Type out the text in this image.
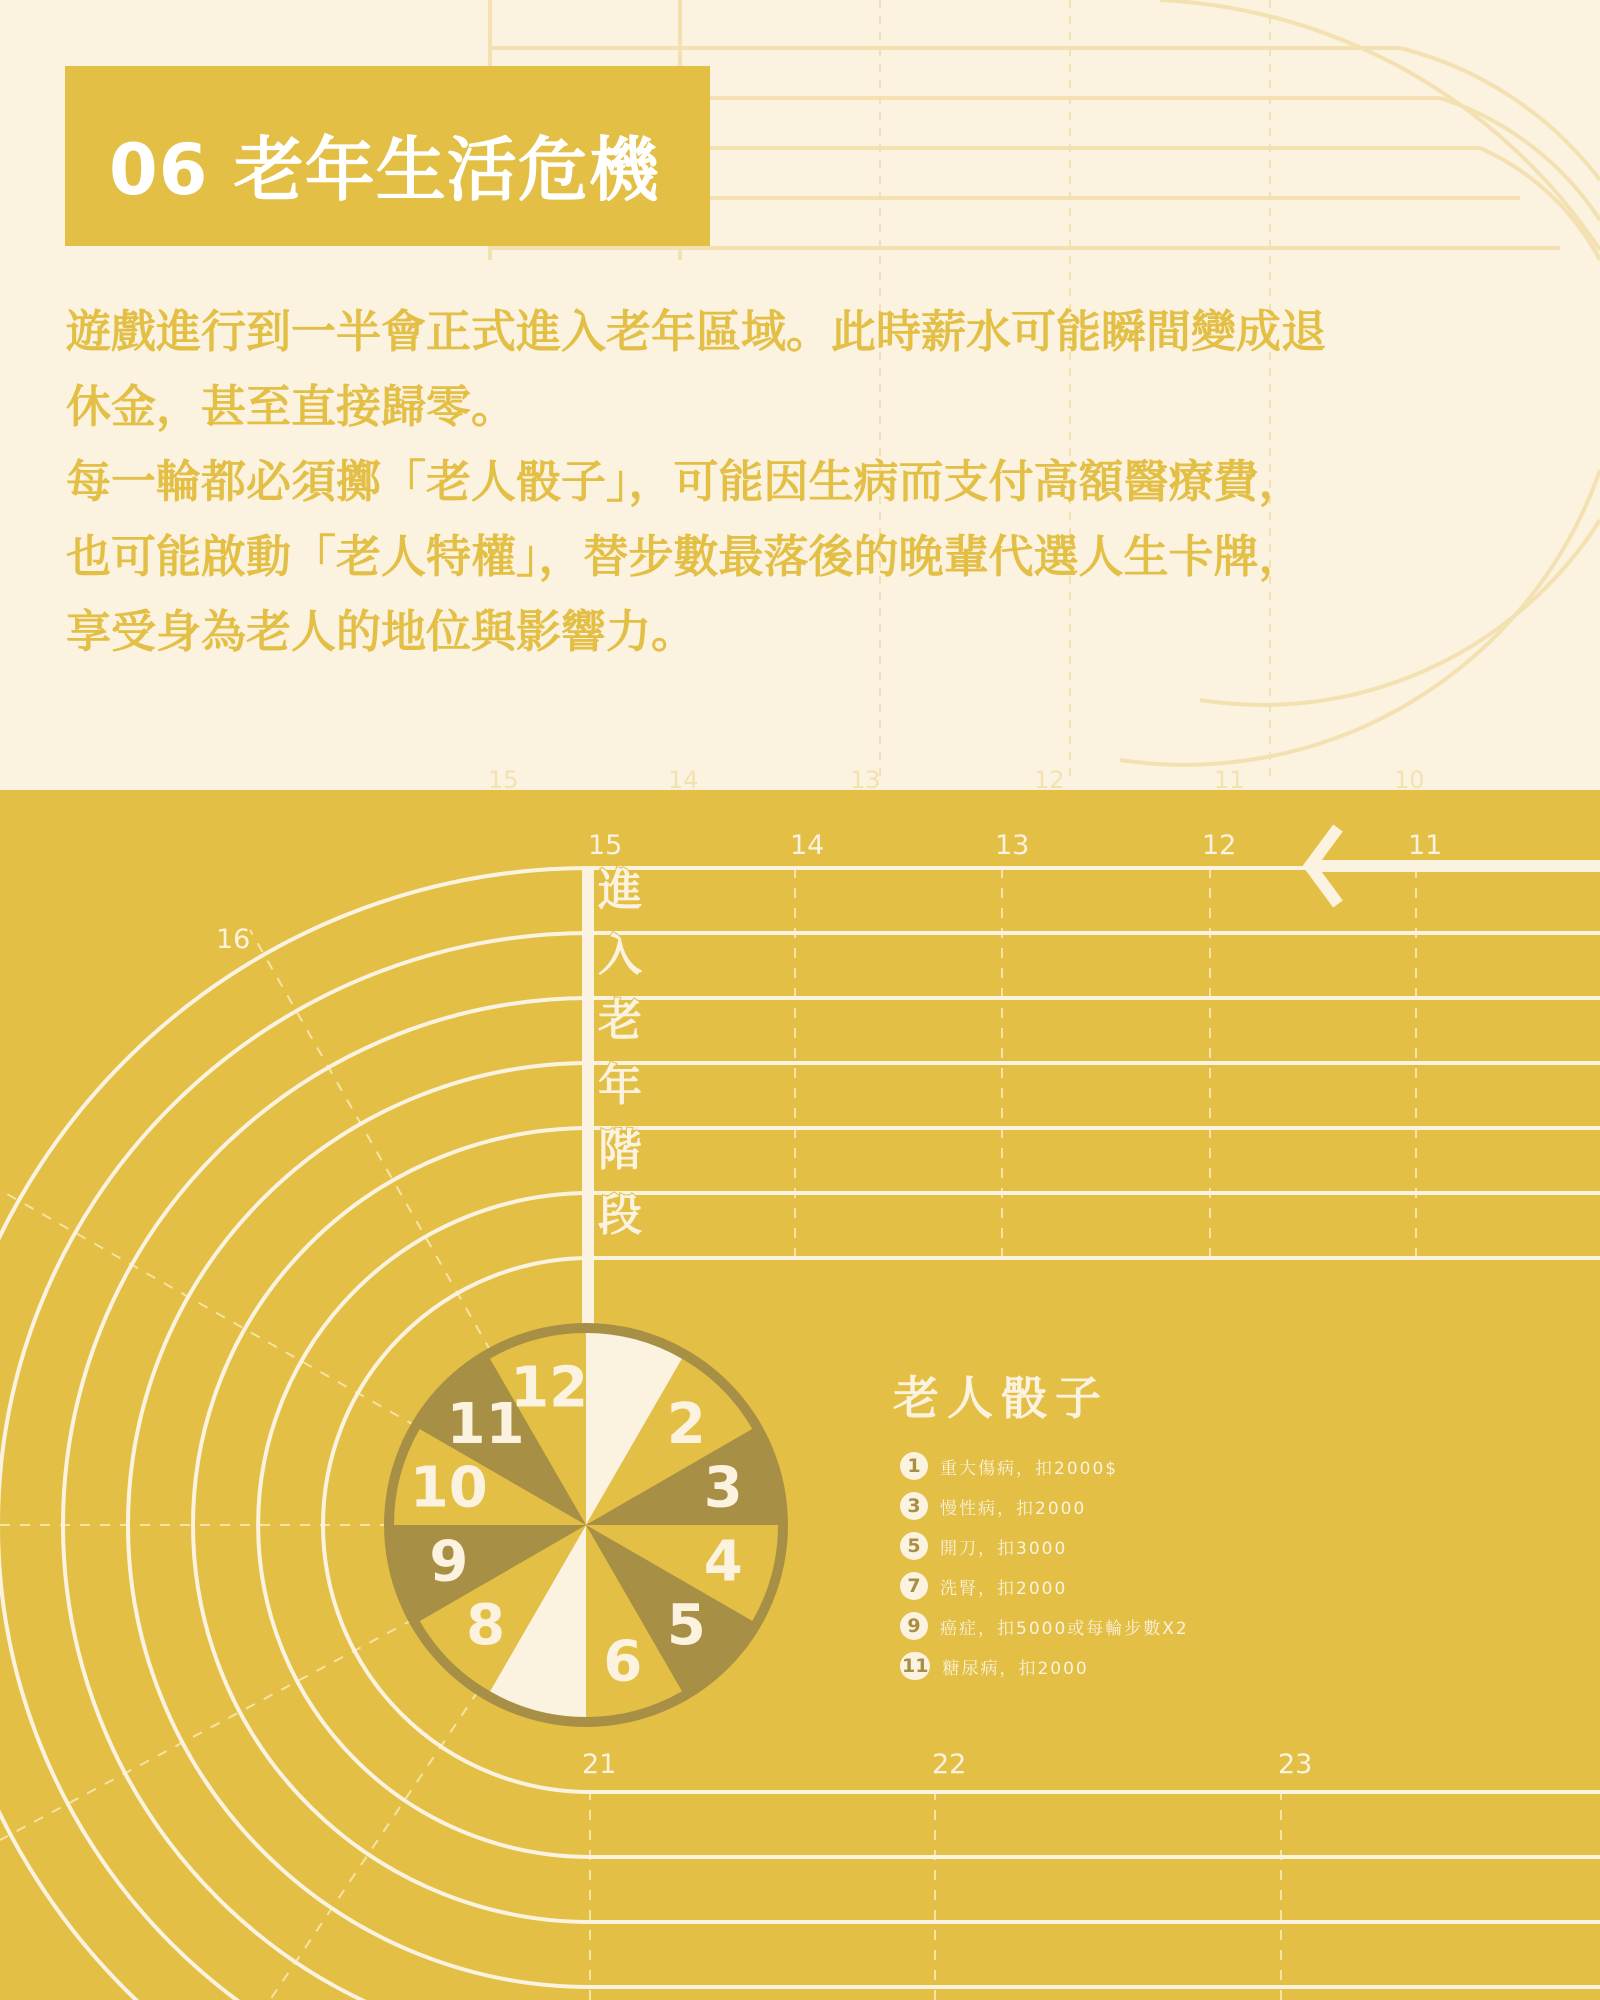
15	14	13	12	11	10
06 老年生活危機

遊戲進行到一半會正式進入老年區域。此時薪水可能瞬間變成退

休金，甚至直接歸零。

每一輪都必須擲「老人骰子」，可能因生病而支付高額醫療費，

也可能啟動「老人特權」，替步數最落後的晚輩代選人生卡牌，

享受身為老人的地位與影響力。

進
入
老
年
階
段
15	14	13	12	11
16
21	22	23
1
2
3
4
5
6
7
8
9
10
11
12	老人骰子
1	重大傷病，扣2000$
3	慢性病，扣2000
5	開刀，扣3000
7	洗腎，扣2000
9	癌症，扣5000或每輪步數X2
11 糖尿病，扣2000
